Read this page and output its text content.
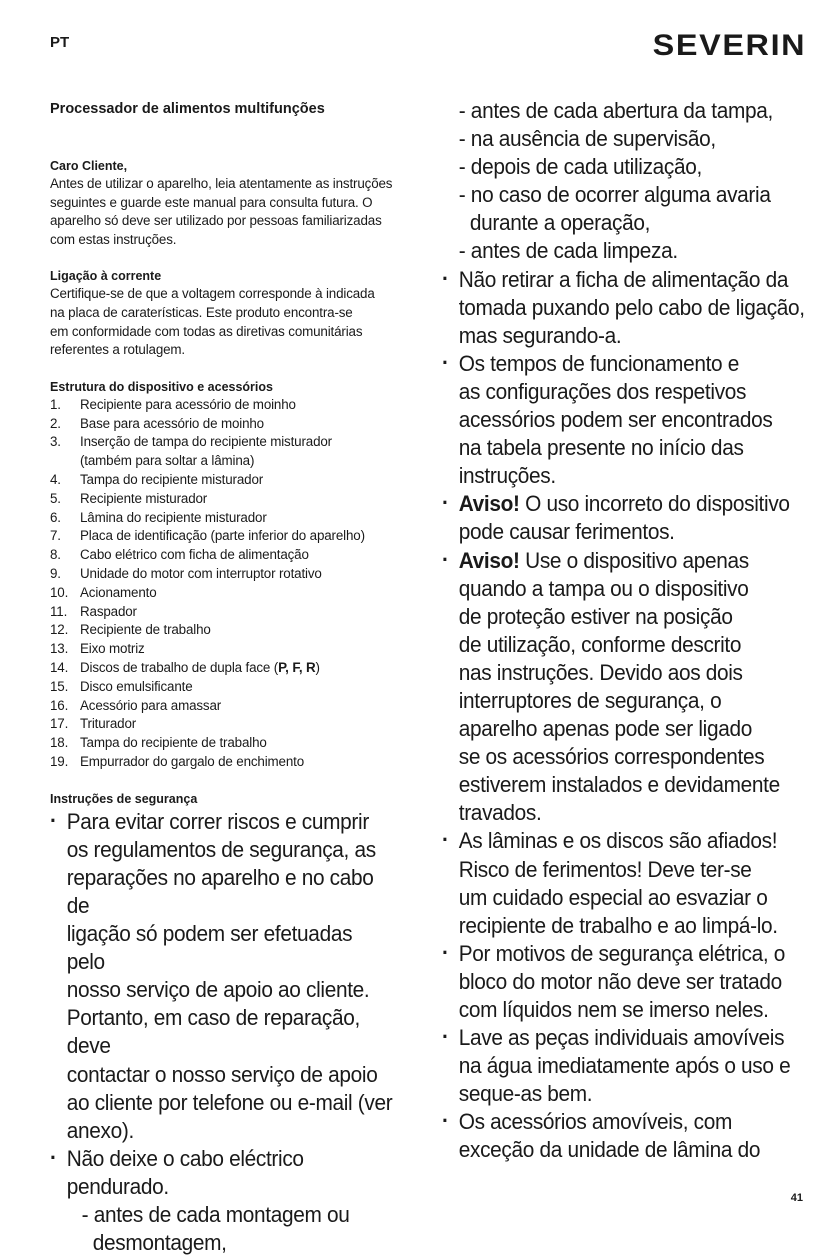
PT	SEVERIN
Processador de alimentos multifunções
Caro Cliente,
Antes de utilizar o aparelho, leia atentamente as instruções
seguintes e guarde este manual para consulta futura. O
aparelho só deve ser utilizado por pessoas familiarizadas
com estas instruções.
Ligação à corrente
Certifique-se de que a voltagem corresponde à indicada
na placa de caraterísticas. Este produto encontra-se
em conformidade com todas as diretivas comunitárias
referentes a rotulagem.
Estrutura do dispositivo e acessórios
1.	Recipiente para acessório de moinho
2.	Base para acessório de moinho
3.	Inserção de tampa do recipiente misturador
(também para soltar a lâmina)
4.	Tampa do recipiente misturador
5.	Recipiente misturador
6.	Lâmina do recipiente misturador
7.	Placa de identificação (parte inferior do aparelho)
8.	Cabo elétrico com ficha de alimentação
9.	Unidade do motor com interruptor rotativo
10. Acionamento
11. Raspador
12. Recipiente de trabalho
13. Eixo motriz
14. Discos de trabalho de dupla face (P, F, R)
15. Disco emulsificante
16. Acessório para amassar
17. Triturador
18. Tampa do recipiente de trabalho
19. Empurrador do gargalo de enchimento
Instruções de segurança
· Para evitar correr riscos e cumprir
os regulamentos de segurança, as
reparações no aparelho e no cabo de
ligação só podem ser efetuadas pelo
nosso serviço de apoio ao cliente.
Portanto, em caso de reparação, deve
contactar o nosso serviço de apoio
ao cliente por telefone ou e-mail (ver
anexo).
· Não deixe o cabo eléctrico pendurado.
- antes de cada montagem ou
desmontagem,
- antes de cada abertura da tampa,
- na ausência de supervisão,
- depois de cada utilização,
- no caso de ocorrer alguma avaria
durante a operação,
- antes de cada limpeza.
· Não retirar a ficha de alimentação da
tomada puxando pelo cabo de ligação,
mas segurando-a.
· Os tempos de funcionamento e
as configurações dos respetivos
acessórios podem ser encontrados
na tabela presente no início das
instruções.
· Aviso! O uso incorreto do dispositivo
pode causar ferimentos.
· Aviso! Use o dispositivo apenas
quando a tampa ou o dispositivo
de proteção estiver na posição
de utilização, conforme descrito
nas instruções. Devido aos dois
interruptores de segurança, o
aparelho apenas pode ser ligado
se os acessórios correspondentes
estiverem instalados e devidamente
travados.
· As lâminas e os discos são afiados!
Risco de ferimentos! Deve ter-se
um cuidado especial ao esvaziar o
recipiente de trabalho e ao limpá-lo.
· Por motivos de segurança elétrica, o
bloco do motor não deve ser tratado
com líquidos nem se imerso neles.
· Lave as peças individuais amovíveis
na água imediatamente após o uso e
seque-as bem.
· Os acessórios amovíveis, com
exceção da unidade de lâmina do
41
